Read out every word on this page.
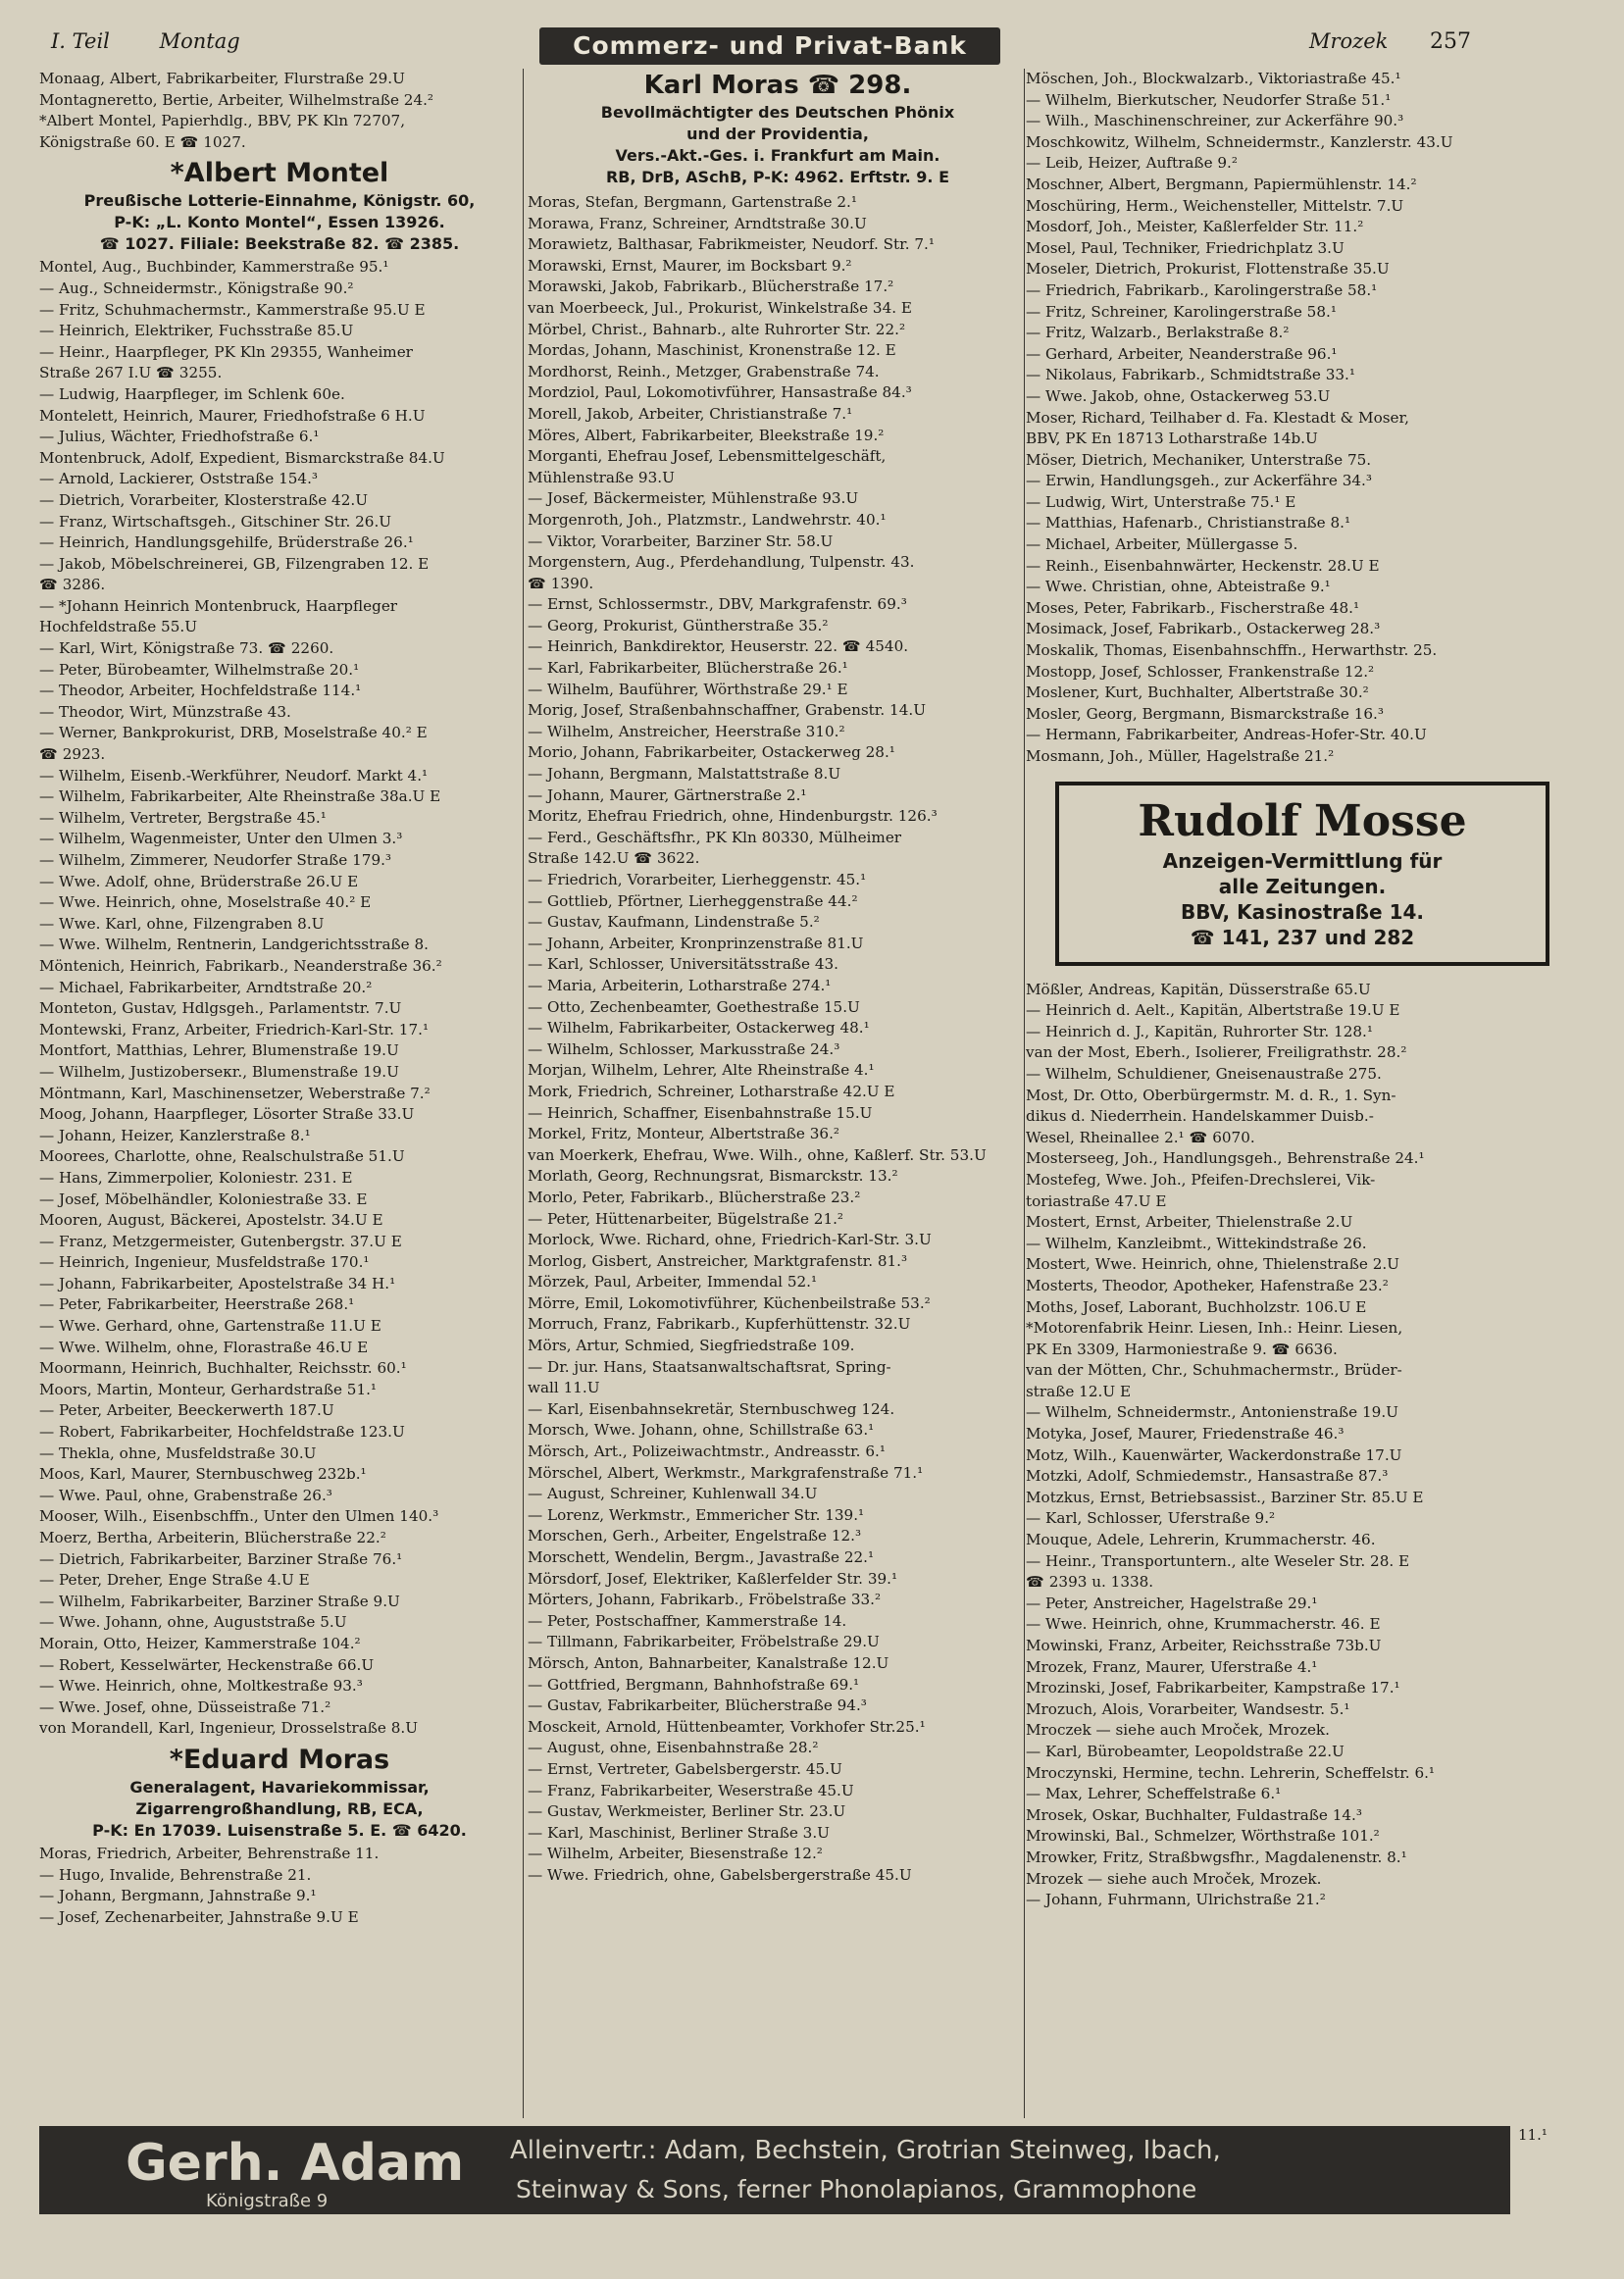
I. Teil Montag	Commerz- und Privat-Bank	Mrozek 257
Monaag, Albert, Fabrikarbeiter, Flurstraße 29.U
Montagneretto, Bertie, Arbeiter, Wilhelmstraße 24.²
*Albert Montel, Papierhdlg., BBV, PK Kln 72707,
Königstraße 60. E ☎ 1027.
*Albert Montel
Preußische Lotterie-Einnahme, Königstr. 60,
P-K: „L. Konto Montel“, Essen 13926.
☎ 1027. Filiale: Beekstraße 82. ☎ 2385.
Montel, Aug., Buchbinder, Kammerstraße 95.¹
— Aug., Schneidermstr., Königstraße 90.²
— Fritz, Schuhmachermstr., Kammerstraße 95.U E
— Heinrich, Elektriker, Fuchsstraße 85.U
— Heinr., Haarpfleger, PK Kln 29355, Wanheimer
Straße 267 I.U ☎ 3255.
— Ludwig, Haarpfleger, im Schlenk 60e.
Montelett, Heinrich, Maurer, Friedhofstraße 6 H.U
— Julius, Wächter, Friedhofstraße 6.¹
Montenbruck, Adolf, Expedient, Bismarckstraße 84.U
— Arnold, Lackierer, Oststraße 154.³
— Dietrich, Vorarbeiter, Klosterstraße 42.U
— Franz, Wirtschaftsgeh., Gitschiner Str. 26.U
— Heinrich, Handlungsgehilfe, Brüderstraße 26.¹
— Jakob, Möbelschreinerei, GB, Filzengraben 12. E
☎ 3286.
— *Johann Heinrich Montenbruck, Haarpfleger
Hochfeldstraße 55.U
— Karl, Wirt, Königstraße 73. ☎ 2260.
— Peter, Bürobeamter, Wilhelmstraße 20.¹
— Theodor, Arbeiter, Hochfeldstraße 114.¹
— Theodor, Wirt, Münzstraße 43.
— Werner, Bankprokurist, DRB, Moselstraße 40.² E
☎ 2923.
— Wilhelm, Eisenb.-Werkführer, Neudorf. Markt 4.¹
— Wilhelm, Fabrikarbeiter, Alte Rheinstraße 38a.U E
— Wilhelm, Vertreter, Bergstraße 45.¹
— Wilhelm, Wagenmeister, Unter den Ulmen 3.³
— Wilhelm, Zimmerer, Neudorfer Straße 179.³
— Wwe. Adolf, ohne, Brüderstraße 26.U E
— Wwe. Heinrich, ohne, Moselstraße 40.² E
— Wwe. Karl, ohne, Filzengraben 8.U
— Wwe. Wilhelm, Rentnerin, Landgerichtsstraße 8.
Möntenich, Heinrich, Fabrikarb., Neanderstraße 36.²
— Michael, Fabrikarbeiter, Arndtstraße 20.²
Monteton, Gustav, Hdlgsgeh., Parlamentstr. 7.U
Montewski, Franz, Arbeiter, Friedrich-Karl-Str. 17.¹
Montfort, Matthias, Lehrer, Blumenstraße 19.U
— Wilhelm, Justizoberseкr., Blumenstraße 19.U
Möntmann, Karl, Maschinensetzer, Weberstraße 7.²
Moog, Johann, Haarpfleger, Lösorter Straße 33.U
— Johann, Heizer, Kanzlerstraße 8.¹
Moorees, Charlotte, ohne, Realschulstraße 51.U
— Hans, Zimmerpolier, Koloniestr. 231. E
— Josef, Möbelhändler, Koloniestraße 33. E
Mooren, August, Bäckerei, Apostelstr. 34.U E
— Franz, Metzgermeister, Gutenbergstr. 37.U E
— Heinrich, Ingenieur, Musfeldstraße 170.¹
— Johann, Fabrikarbeiter, Apostelstraße 34 H.¹
— Peter, Fabrikarbeiter, Heerstraße 268.¹
— Wwe. Gerhard, ohne, Gartenstraße 11.U E
— Wwe. Wilhelm, ohne, Florastraße 46.U E
Moormann, Heinrich, Buchhalter, Reichsstr. 60.¹
Moors, Martin, Monteur, Gerhardstraße 51.¹
— Peter, Arbeiter, Beeckerwerth 187.U
— Robert, Fabrikarbeiter, Hochfeldstraße 123.U
— Thekla, ohne, Musfeldstraße 30.U
Moos, Karl, Maurer, Sternbuschweg 232b.¹
— Wwe. Paul, ohne, Grabenstraße 26.³
Mooser, Wilh., Eisenbschffn., Unter den Ulmen 140.³
Moerz, Bertha, Arbeiterin, Blücherstraße 22.²
— Dietrich, Fabrikarbeiter, Barziner Straße 76.¹
— Peter, Dreher, Enge Straße 4.U E
— Wilhelm, Fabrikarbeiter, Barziner Straße 9.U
— Wwe. Johann, ohne, Auguststraße 5.U
Morain, Otto, Heizer, Kammerstraße 104.²
— Robert, Kesselwärter, Heckenstraße 66.U
— Wwe. Heinrich, ohne, Moltkestraße 93.³
— Wwe. Josef, ohne, Düsseistraße 71.²
von Morandell, Karl, Ingenieur, Drosselstraße 8.U
*Eduard Moras
Generalagent, Havariekommissar,
Zigarrengroßhandlung, RB, ECA,
P-K: En 17039. Luisenstraße 5. E. ☎ 6420.
Moras, Friedrich, Arbeiter, Behrenstraße 11.
— Hugo, Invalide, Behrenstraße 21.
— Johann, Bergmann, Jahnstraße 9.¹
— Josef, Zechenarbeiter, Jahnstraße 9.U E
Karl Moras ☎ 298.
Bevollmächtigter des Deutschen Phönix
und der Providentia,
Vers.-Akt.-Ges. i. Frankfurt am Main.
RB, DrB, ASchB, P-K: 4962. Erftstr. 9. E
Moras, Stefan, Bergmann, Gartenstraße 2.¹
Morawa, Franz, Schreiner, Arndtstraße 30.U
Morawietz, Balthasar, Fabrikmeister, Neudorf. Str. 7.¹
Morawski, Ernst, Maurer, im Bocksbart 9.²
Morawski, Jakob, Fabrikarb., Blücherstraße 17.²
van Moerbeeck, Jul., Prokurist, Winkelstraße 34. E
Mörbel, Christ., Bahnarb., alte Ruhrorter Str. 22.²
Mordas, Johann, Maschinist, Kronenstraße 12. E
Mordhorst, Reinh., Metzger, Grabenstraße 74.
Mordziol, Paul, Lokomotivführer, Hansastraße 84.³
Morell, Jakob, Arbeiter, Christianstraße 7.¹
Möres, Albert, Fabrikarbeiter, Bleekstraße 19.²
Morganti, Ehefrau Josef, Lebensmittelgeschäft,
Mühlenstraße 93.U
— Josef, Bäckermeister, Mühlenstraße 93.U
Morgenroth, Joh., Platzmstr., Landwehrstr. 40.¹
— Viktor, Vorarbeiter, Barziner Str. 58.U
Morgenstern, Aug., Pferdehandlung, Tulpenstr. 43.
☎ 1390.
— Ernst, Schlossermstr., DBV, Markgrafenstr. 69.³
— Georg, Prokurist, Güntherstraße 35.²
— Heinrich, Bankdirektor, Heuserstr. 22. ☎ 4540.
— Karl, Fabrikarbeiter, Blücherstraße 26.¹
— Wilhelm, Bauführer, Wörthstraße 29.¹ E
Morig, Josef, Straßenbahnschaffner, Grabenstr. 14.U
— Wilhelm, Anstreicher, Heerstraße 310.²
Morio, Johann, Fabrikarbeiter, Ostackerweg 28.¹
— Johann, Bergmann, Malstattstraße 8.U
— Johann, Maurer, Gärtnerstraße 2.¹
Moritz, Ehefrau Friedrich, ohne, Hindenburgstr. 126.³
— Ferd., Geschäftsfhr., PK Kln 80330, Mülheimer
Straße 142.U ☎ 3622.
— Friedrich, Vorarbeiter, Lierheggenstr. 45.¹
— Gottlieb, Pförtner, Lierheggenstraße 44.²
— Gustav, Kaufmann, Lindenstraße 5.²
— Johann, Arbeiter, Kronprinzenstraße 81.U
— Karl, Schlosser, Universitätsstraße 43.
— Maria, Arbeiterin, Lotharstraße 274.¹
— Otto, Zechenbeamter, Goethestraße 15.U
— Wilhelm, Fabrikarbeiter, Ostackerweg 48.¹
— Wilhelm, Schlosser, Markusstraße 24.³
Morjan, Wilhelm, Lehrer, Alte Rheinstraße 4.¹
Mork, Friedrich, Schreiner, Lotharstraße 42.U E
— Heinrich, Schaffner, Eisenbahnstraße 15.U
Morkel, Fritz, Monteur, Albertstraße 36.²
van Moerkerk, Ehefrau, Wwe. Wilh., ohne, Kaßlerf. Str. 53.U
Morlath, Georg, Rechnungsrat, Bismarckstr. 13.²
Morlo, Peter, Fabrikarb., Blücherstraße 23.²
— Peter, Hüttenarbeiter, Bügelstraße 21.²
Morlock, Wwe. Richard, ohne, Friedrich-Karl-Str. 3.U
Morlog, Gisbert, Anstreicher, Marktgrafenstr. 81.³
Mörzek, Paul, Arbeiter, Immendal 52.¹
Mörre, Emil, Lokomotivführer, Küchenbeilstraße 53.²
Morruch, Franz, Fabrikarb., Kupferhüttenstr. 32.U
Mörs, Artur, Schmied, Siegfriedstraße 109.
— Dr. jur. Hans, Staatsanwaltschaftsrat, Spring-
wall 11.U
— Karl, Eisenbahnsekretär, Sternbuschweg 124.
Morsch, Wwe. Johann, ohne, Schillstraße 63.¹
Mörsch, Art., Polizeiwachtmstr., Andreasstr. 6.¹
Mörschel, Albert, Werkmstr., Markgrafenstraße 71.¹
— August, Schreiner, Kuhlenwall 34.U
— Lorenz, Werkmstr., Emmericher Str. 139.¹
Morschen, Gerh., Arbeiter, Engelstraße 12.³
Morschett, Wendelin, Bergm., Javastraße 22.¹
Mörsdorf, Josef, Elektriker, Kaßlerfelder Str. 39.¹
Mörters, Johann, Fabrikarb., Fröbelstraße 33.²
— Peter, Postschaffner, Kammerstraße 14.
— Tillmann, Fabrikarbeiter, Fröbelstraße 29.U
Mörsch, Anton, Bahnarbeiter, Kanalstraße 12.U
— Gottfried, Bergmann, Bahnhofstraße 69.¹
— Gustav, Fabrikarbeiter, Blücherstraße 94.³
Mosckeit, Arnold, Hüttenbeamter, Vorkhofer Str.25.¹
— August, ohne, Eisenbahnstraße 28.²
— Ernst, Vertreter, Gabelsbergerstr. 45.U
— Franz, Fabrikarbeiter, Weserstraße 45.U
— Gustav, Werkmeister, Berliner Str. 23.U
— Karl, Maschinist, Berliner Straße 3.U
— Wilhelm, Arbeiter, Biesenstraße 12.²
— Wwe. Friedrich, ohne, Gabelsbergerstraße 45.U
Möschen, Joh., Blockwalzarb., Viktoriastraße 45.¹
— Wilhelm, Bierkutscher, Neudorfer Straße 51.¹
— Wilh., Maschinenschreiner, zur Ackerfähre 90.³
Moschkowitz, Wilhelm, Schneidermstr., Kanzlerstr. 43.U
— Leib, Heizer, Auftraße 9.²
Moschner, Albert, Bergmann, Papiermühlenstr. 14.²
Moschüring, Herm., Weichensteller, Mittelstr. 7.U
Mosdorf, Joh., Meister, Kaßlerfelder Str. 11.²
Mosel, Paul, Techniker, Friedrichplatz 3.U
Moseler, Dietrich, Prokurist, Flottenstraße 35.U
— Friedrich, Fabrikarb., Karolingerstraße 58.¹
— Fritz, Schreiner, Karolingerstraße 58.¹
— Fritz, Walzarb., Berlakstraße 8.²
— Gerhard, Arbeiter, Neanderstraße 96.¹
— Nikolaus, Fabrikarb., Schmidtstraße 33.¹
— Wwe. Jakob, ohne, Ostackerweg 53.U
Moser, Richard, Teilhaber d. Fa. Klestadt & Moser,
BBV, PK En 18713 Lotharstraße 14b.U
Möser, Dietrich, Mechaniker, Unterstraße 75.
— Erwin, Handlungsgeh., zur Ackerfähre 34.³
— Ludwig, Wirt, Unterstraße 75.¹ E
— Matthias, Hafenarb., Christianstraße 8.¹
— Michael, Arbeiter, Müllergasse 5.
— Reinh., Eisenbahnwärter, Heckenstr. 28.U E
— Wwe. Christian, ohne, Abteistraße 9.¹
Moses, Peter, Fabrikarb., Fischerstraße 48.¹
Mosimack, Josef, Fabrikarb., Ostackerweg 28.³
Moskalik, Thomas, Eisenbahnschffn., Herwarthstr. 25.
Mostopp, Josef, Schlosser, Frankenstraße 12.²
Moslener, Kurt, Buchhalter, Albertstraße 30.²
Mosler, Georg, Bergmann, Bismarckstraße 16.³
— Hermann, Fabrikarbeiter, Andreas-Hofer-Str. 40.U
Mosmann, Joh., Müller, Hagelstraße 21.²
Rudolf Mosse
Anzeigen-Vermittlung für
alle Zeitungen.
BBV, Kasinostraße 14.
☎ 141, 237 und 282
Mößler, Andreas, Kapitän, Düsserstraße 65.U
— Heinrich d. Aelt., Kapitän, Albertstraße 19.U E
— Heinrich d. J., Kapitän, Ruhrorter Str. 128.¹
van der Most, Eberh., Isolierer, Freiligrathstr. 28.²
— Wilhelm, Schuldiener, Gneisenaustraße 275.
Most, Dr. Otto, Oberbürgermstr. M. d. R., 1. Syn-
dikus d. Niederrhein. Handelskammer Duisb.-
Wesel, Rheinallee 2.¹ ☎ 6070.
Mosterseeg, Joh., Handlungsgeh., Behrenstraße 24.¹
Mostefeg, Wwe. Joh., Pfeifen-Drechslerei, Vik-
toriastraße 47.U E
Mostert, Ernst, Arbeiter, Thielenstraße 2.U
— Wilhelm, Kanzleibmt., Wittekindstraße 26.
Mostert, Wwe. Heinrich, ohne, Thielenstraße 2.U
Mosterts, Theodor, Apotheker, Hafenstraße 23.²
Moths, Josef, Laborant, Buchholzstr. 106.U E
*Motorenfabrik Heinr. Liesen, Inh.: Heinr. Liesen,
PK En 3309, Harmoniestraße 9. ☎ 6636.
van der Mötten, Chr., Schuhmachermstr., Brüder-
straße 12.U E
— Wilhelm, Schneidermstr., Antonienstraße 19.U
Motyka, Josef, Maurer, Friedenstraße 46.³
Motz, Wilh., Kauenwärter, Wackerdonstraße 17.U
Motzki, Adolf, Schmiedemstr., Hansastraße 87.³
Motzkus, Ernst, Betriebsassist., Barziner Str. 85.U E
— Karl, Schlosser, Uferstraße 9.²
Mouque, Adele, Lehrerin, Krummacherstr. 46.
— Heinr., Transportuntern., alte Weseler Str. 28. E
☎ 2393 u. 1338.
— Peter, Anstreicher, Hagelstraße 29.¹
— Wwe. Heinrich, ohne, Krummacherstr. 46. E
Mowinski, Franz, Arbeiter, Reichsstraße 73b.U
Mrozek, Franz, Maurer, Uferstraße 4.¹
Mrozinski, Josef, Fabrikarbeiter, Kampstraße 17.¹
Mrozuch, Alois, Vorarbeiter, Wandsestr. 5.¹
Mroczek — siehe auch Mroček, Mrozek.
— Karl, Bürobeamter, Leopoldstraße 22.U
Mroczynski, Hermine, techn. Lehrerin, Scheffelstr. 6.¹
— Max, Lehrer, Scheffelstraße 6.¹
Mrosek, Oskar, Buchhalter, Fuldastraße 14.³
Mrowinski, Bal., Schmelzer, Wörthstraße 101.²
Mrowker, Fritz, Straßbwgsfhr., Magdalenenstr. 8.¹
Mrozek — siehe auch Mroček, Mrozek.
— Johann, Fuhrmann, Ulrichstraße 21.²
Gerh. Adam
Königstraße 9
Alleinvertr.: Adam, Bechstein, Grotrian Steinweg, Ibach,
Steinway & Sons, ferner Phonolapianos, Grammophone
11.¹
